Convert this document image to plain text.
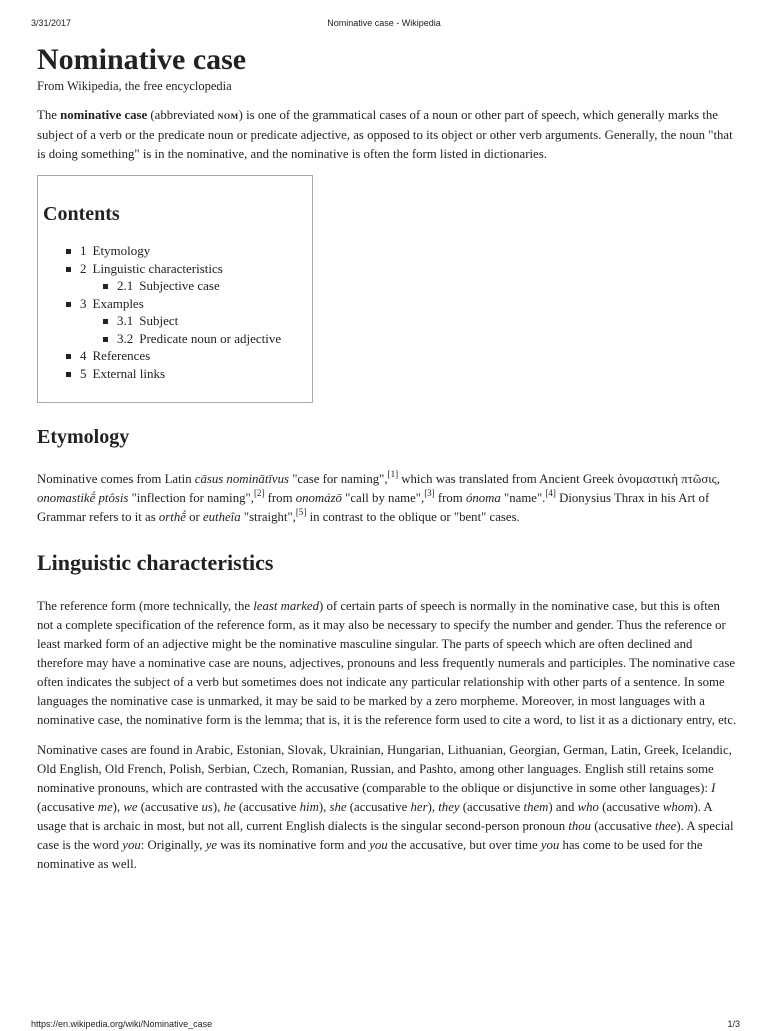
3/31/2017	Nominative case - Wikipedia
Nominative case
From Wikipedia, the free encyclopedia

The nominative case (abbreviated nom) is one of the grammatical cases of a noun or other part of speech, which generally marks the subject of a verb or the predicate noun or predicate adjective, as opposed to its object or other verb arguments. Generally, the noun "that is doing something" is in the nominative, and the nominative is often the form listed in dictionaries.

Contents
1 Etymology
2 Linguistic characteristics
2.1 Subjective case
3 Examples
3.1 Subject
3.2 Predicate noun or adjective
4 References
5 External links
Etymology

Nominative comes from Latin cāsus nominātīvus "case for naming",[1] which was translated from Ancient Greek ὀνομαστικὴ πτῶσις, onomastikḗ ptôsis "inflection for naming",[2] from onomázō "call by name",[3] from ónoma "name".[4] Dionysius Thrax in his Art of Grammar refers to it as orthḗ or eutheîa "straight",[5] in contrast to the oblique or "bent" cases.

Linguistic characteristics

The reference form (more technically, the least marked) of certain parts of speech is normally in the nominative case, but this is often not a complete specification of the reference form, as it may also be necessary to specify the number and gender. Thus the reference or least marked form of an adjective might be the nominative masculine singular. The parts of speech which are often declined and therefore may have a nominative case are nouns, adjectives, pronouns and less frequently numerals and participles. The nominative case often indicates the subject of a verb but sometimes does not indicate any particular relationship with other parts of a sentence. In some languages the nominative case is unmarked, it may be said to be marked by a zero morpheme. Moreover, in most languages with a nominative case, the nominative form is the lemma; that is, it is the reference form used to cite a word, to list it as a dictionary entry, etc.

Nominative cases are found in Arabic, Estonian, Slovak, Ukrainian, Hungarian, Lithuanian, Georgian, German, Latin, Greek, Icelandic, Old English, Old French, Polish, Serbian, Czech, Romanian, Russian, and Pashto, among other languages. English still retains some nominative pronouns, which are contrasted with the accusative (comparable to the oblique or disjunctive in some other languages): I (accusative me), we (accusative us), he (accusative him), she (accusative her), they (accusative them) and who (accusative whom). A usage that is archaic in most, but not all, current English dialects is the singular second-person pronoun thou (accusative thee). A special case is the word you: Originally, ye was its nominative form and you the accusative, but over time you has come to be used for the nominative as well.

https://en.wikipedia.org/wiki/Nominative_case	1/3
